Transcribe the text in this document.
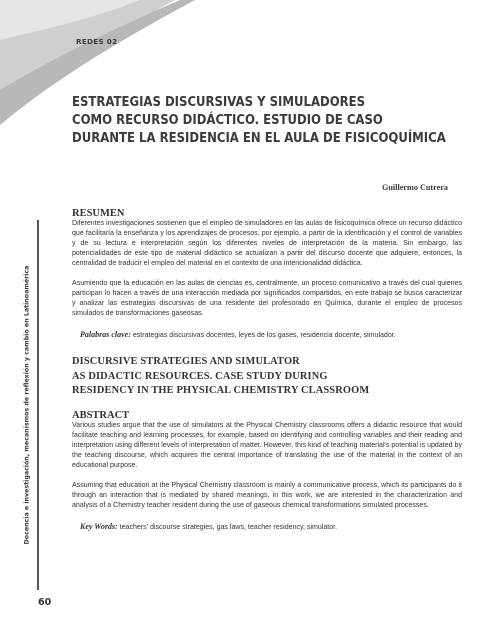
REDES 02
ESTRATEGIAS DISCURSIVAS Y SIMULADORES
COMO RECURSO DIDÁCTICO. ESTUDIO DE CASO
DURANTE LA RESIDENCIA EN EL AULA DE FISICOQUÍMICA
Guillermo Cutrera
Docencia e investigación, mecanismos de reflexión y cambio en Latinoamérica
RESUMEN

Diferentes investigaciones sostienen que el empleo de simuladores en las aulas de fisicoquímica ofrece un recurso didáctico que facilitaría la enseñanza y los aprendizajes de procesos, por ejemplo, a partir de la identificación y el control de variables y de su lectura e interpretación según los diferentes niveles de interpretación de la materia. Sin embargo, las potencialidades de este tipo de material didáctico se actualizan a partir del discurso docente que adquiere, entonces, la centralidad de traducir el empleo del material en el contexto de una intencionalidad didáctica.

Asumiendo que la educación en las aulas de ciencias es, centralmente, un proceso comunicativo a través del cual quienes participan lo hacen a través de una interacción mediada por significados compartidos, en este trabajo se busca caracterizar y analizar las estrategias discursivas de una residente del profesorado en Química, durante el empleo de procesos simulados de transformaciones gaseosas.

Palabras clave: estrategias discursivas docentes, leyes de los gases, residencia docente, simulador.
DISCURSIVE STRATEGIES AND SIMULATOR
AS DIDACTIC RESOURCES. CASE STUDY DURING
RESIDENCY IN THE PHYSICAL CHEMISTRY CLASSROOM
ABSTRACT

Various studies argue that the use of simulators at the Physical Chemistry classrooms offers a didactic resource that would facilitate teaching and learning processes, for example, based on identifying and controlling variables and their reading and interpretation using different levels of interpretation of matter. However, this kind of teaching material's potential is updated by the teaching discourse, which acquires the central importance of translating the use of the material in the context of an educational purpose.

Assuming that education at the Physical Chemistry classroom is mainly a communicative process, which its participants do it through an interaction that is mediated by shared meanings, in this work, we are interested in the characterization and analysis of a Chemistry teacher resident during the use of gaseous chemical transformations simulated processes.

Key Words: teachers' discourse strategies, gas laws, teacher residency, simulator.
60
